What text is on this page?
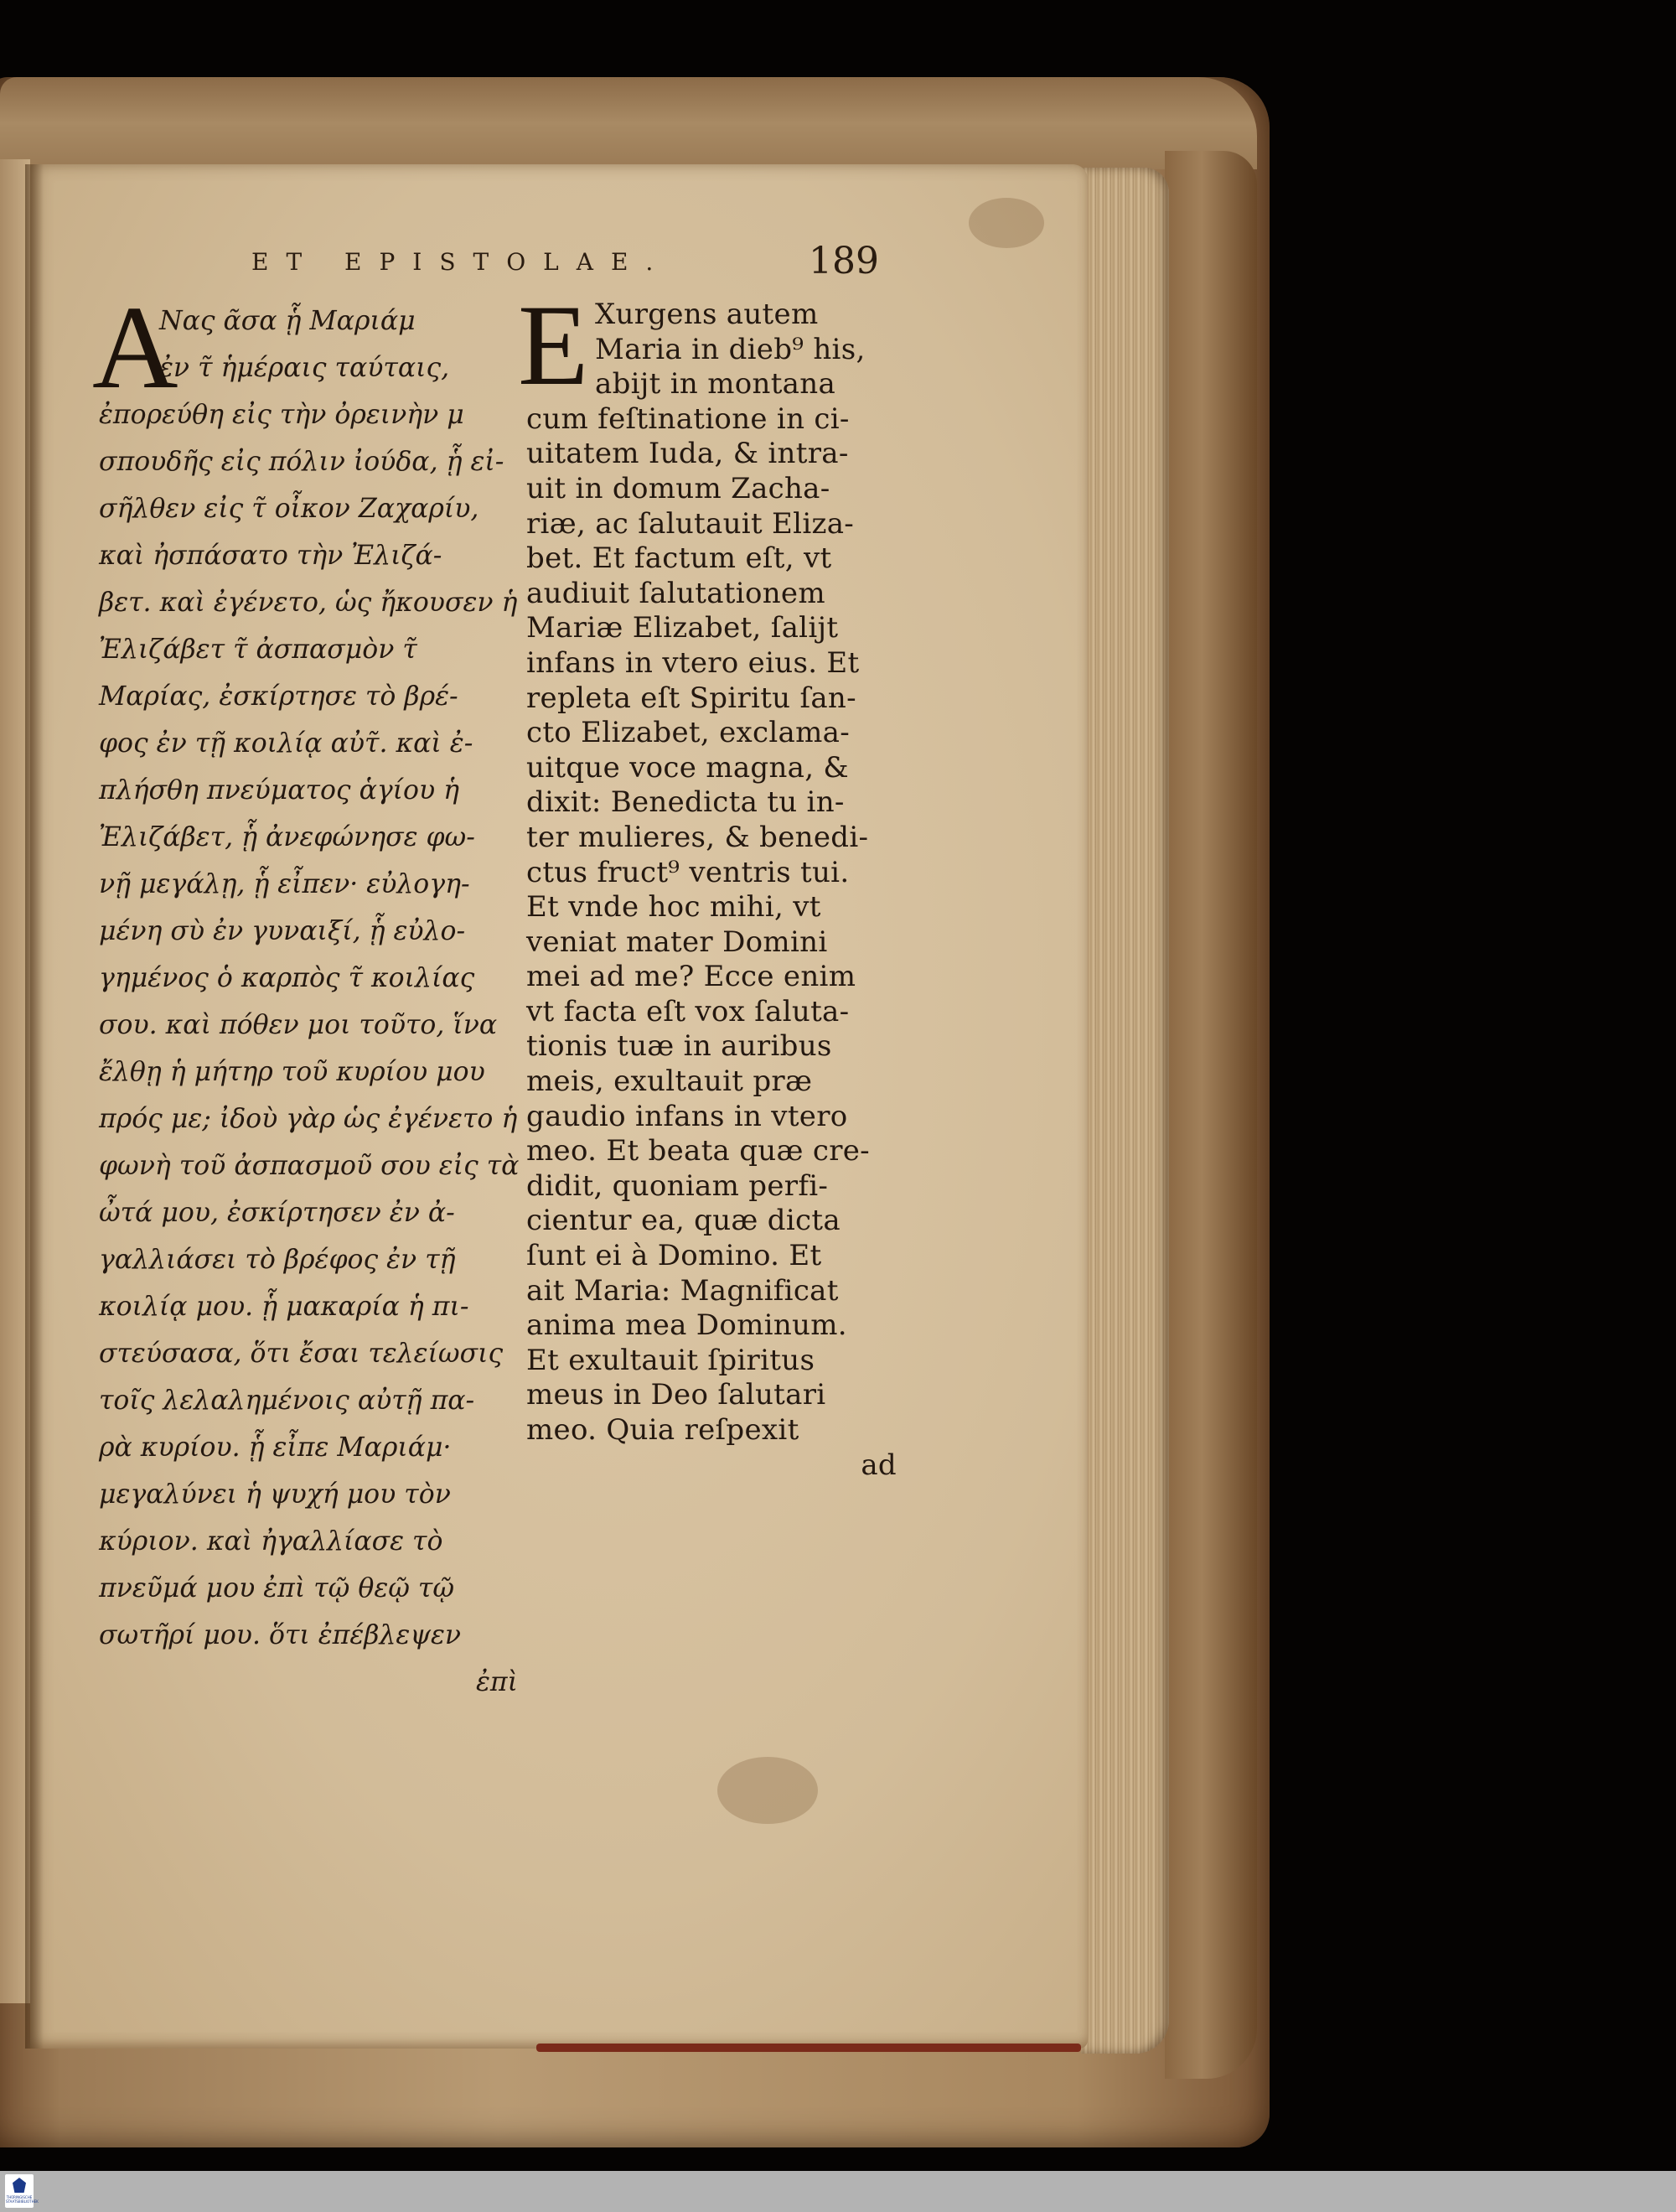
ET EPISTOLAE.	189
A
Νας ᾶσα ᾗ Μαριάμ
ἐν τ̃ ἡμέραις ταύταις,
ἐπορεύθη εἰς τὴν ὀρεινὴν μ
σπουδῆς εἰς πόλιν ἰούδα, ᾗ εἰ-
σῆλθεν εἰς τ̃ οἶκον Ζαχαρίυ,
καὶ ἠσπάσατο τὴν Ἐλιζά-
βετ. καὶ ἐγένετο, ὡς ἤκουσεν ἡ
Ἐλιζάβετ τ̃ ἀσπασμὸν τ̃
Μαρίας, ἐσκίρτησε τὸ βρέ-
φος ἐν τῇ κοιλίᾳ αὐτ̃. καὶ ἐ-
πλήσθη πνεύματος ἁγίου ἡ
Ἐλιζάβετ, ᾗ ἀνεφώνησε φω-
νῇ μεγάλῃ, ᾗ εἶπεν· εὐλογη-
μένη σὺ ἐν γυναιξί, ᾗ εὐλο-
γημένος ὁ καρπὸς τ̃ κοιλίας
σου. καὶ πόθεν μοι τοῦτο, ἵνα
ἔλθῃ ἡ μήτηρ τοῦ κυρίου μου
πρός με; ἰδοὺ γὰρ ὡς ἐγένετο ἡ
φωνὴ τοῦ ἀσπασμοῦ σου εἰς τὰ
ὦτά μου, ἐσκίρτησεν ἐν ἀ-
γαλλιάσει τὸ βρέφος ἐν τῇ
κοιλίᾳ μου. ᾗ μακαρία ἡ πι-
στεύσασα, ὅτι ἔσαι τελείωσις
τοῖς λελαλημένοις αὐτῇ πα-
ρὰ κυρίου. ᾗ εἶπε Μαριάμ·
μεγαλύνει ἡ ψυχή μου τὸν
κύριον. καὶ ἠγαλλίασε τὸ
πνεῦμά μου ἐπὶ τῷ θεῷ τῷ
σωτῆρί μου. ὅτι ἐπέβλεψεν
ἐπὶ
E Xurgens autem
Maria in dieb⁹ his,
abijt in montana
cum feſtinatione in ci-
uitatem Iuda, & intra-
uit in domum Zacha-
riæ, ac ſalutauit Eliza-
bet. Et factum eſt, vt
audiuit ſalutationem
Mariæ Elizabet, ſalijt
infans in vtero eius. Et
repleta eſt Spiritu ſan-
cto Elizabet, exclama-
uitque voce magna, &
dixit: Benedicta tu in-
ter mulieres, & benedi-
ctus fruct⁹ ventris tui.
Et vnde hoc mihi, vt
veniat mater Domini
mei ad me? Ecce enim
vt facta eſt vox ſaluta-
tionis tuæ in auribus
meis, exultauit præ
gaudio infans in vtero
meo. Et beata quæ cre-
didit, quoniam perfi-
cientur ea, quæ dicta
ſunt ei à Domino. Et
ait Maria: Magnificat
anima mea Dominum.
Et exultauit ſpiritus
meus in Deo ſalutari
meo. Quia reſpexit
ad
THÜRINGISCHE STAATSBIBLIOTHEK
